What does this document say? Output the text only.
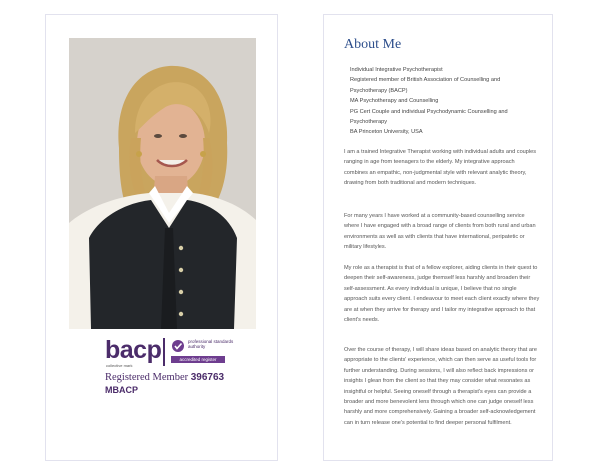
bacp
collective mark
professional standards authority
accredited register
Registered Member 396763
MBACP
About Me
Individual Integrative Psychotherapist
Registered member of British Association of Counselling and
Psychotherapy (BACP)
MA Psychotherapy and Counselling
PG Cert Couple and individual Psychodynamic Counselling and
Psychotherapy
BA Princeton University, USA
I am a trained Integrative Therapist working with individual adults and couples ranging in age from teenagers to the elderly. My integrative approach combines an empathic, non-judgmental style with relevant analytic theory, drawing from both traditional and modern techniques.
For many years I have worked at a community-based counselling service where I have engaged with a broad range of clients from both rural and urban environments as well as with clients that have international, peripatetic or military lifestyles.
My role as a therapist is that of a fellow explorer, aiding clients in their quest to deepen their self-awareness, judge themself less harshly and broaden their self-assessment. As every individual is unique, I believe that no single approach suits every client. I endeavour to meet each client exactly where they are at when they arrive for therapy and I tailor my integrative approach to that client's needs.
Over the course of therapy, I will share ideas based on analytic theory that are appropriate to the clients' experience, which can then serve as useful tools for further understanding. During sessions, I will also reflect back impressions or insights I glean from the client so that they may consider what resonates as insightful or helpful. Seeing oneself through a therapist's eyes can provide a broader and more benevolent lens through which one can judge oneself less harshly and more comprehensively. Gaining a broader self-acknowledgement can in turn release one's potential to find deeper personal fulfilment.
